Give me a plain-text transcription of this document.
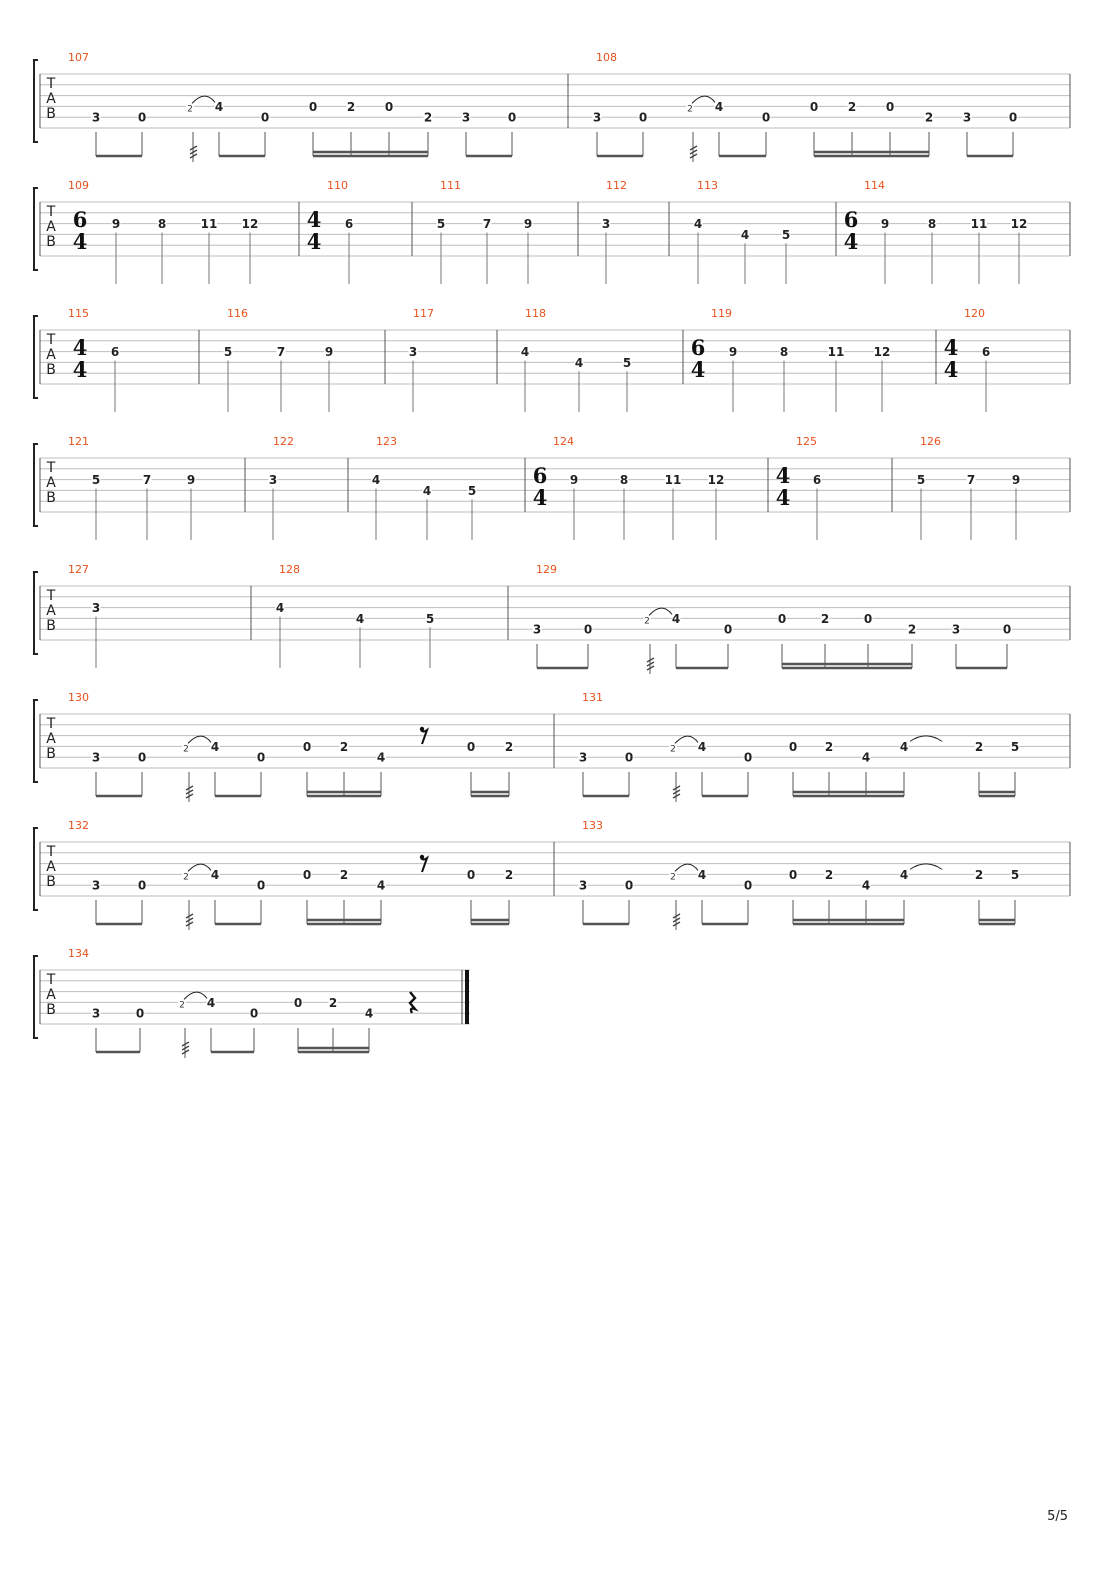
T
A
B
107
3	0
4
2
0
0 2 0
2 3	0
108
3	0
4
2
0
0 2 0
2 3	0
T
A
B
109
6
4
9	8	11 12
110
4
4
6
111
5	7	9
112
3
113
4
4	5
114
6
4
9	8	11 12
T
A
B
115
4
4
6
116
5	7	9
117
3
118
4
4	5
119
6
4
9	8	11 12
120
4
4
6
T
A
B
121
5	7	9
122
3
123
4
4	5
124
6
4
9	8	11 12
125
4
4
6
126
5	7	9
T
A
B
127
3
128
4
4	5
129
3	0
4
2
0
0	2	0
2	3	0
T
A
B
130
3	0
4
2
0
0 2
4
0 2
131
3	0
4
2
0
0 2
4
4	2 5
T
A
B
132
3	0
4
2
0
0 2
4
0 2
133
3	0
4
2
0
0 2
4
4	2 5
T
A
B
134
3	0
4
2
0
0 2
4
5/5
